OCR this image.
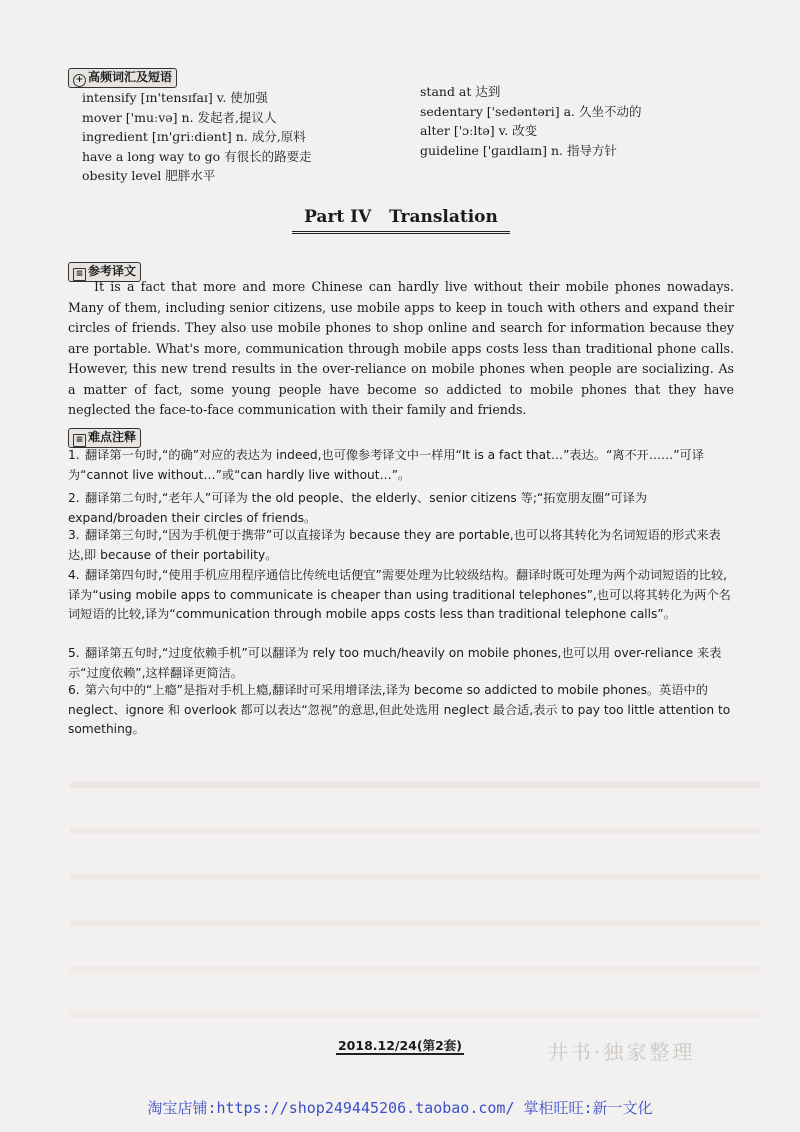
+ 高频词汇及短语
intensify [ɪn'tensɪfaɪ] v. 使加强
mover ['muːvə] n. 发起者,提议人
ingredient [ɪn'ɡriːdiənt] n. 成分,原料
have a long way to go 有很长的路要走
obesity level 肥胖水平
stand at 达到
sedentary ['sedəntəri] a. 久坐不动的
alter ['ɔːltə] v. 改变
guideline ['ɡaɪdlaɪn] n. 指导方针
Part IV   Translation
≡ 参考译文
It is a fact that more and more Chinese can hardly live without their mobile phones nowadays. Many of them, including senior citizens, use mobile apps to keep in touch with others and expand their circles of friends. They also use mobile phones to shop online and search for information because they are portable. What's more, communication through mobile apps costs less than traditional phone calls. However, this new trend results in the over-reliance on mobile phones when people are socializing. As a matter of fact, some young people have become so addicted to mobile phones that they have neglected the face-to-face communication with their family and friends.
≡ 难点注释
1. 翻译第一句时,“的确”对应的表达为 indeed,也可像参考译文中一样用“It is a fact that…”表达。“离不开……”可译为“cannot live without…”或“can hardly live without…”。
2. 翻译第二句时,“老年人”可译为 the old people、the elderly、senior citizens 等;“拓宽朋友圈”可译为 expand/broaden their circles of friends。
3. 翻译第三句时,“因为手机便于携带”可以直接译为 because they are portable,也可以将其转化为名词短语的形式来表达,即 because of their portability。
4. 翻译第四句时,“使用手机应用程序通信比传统电话便宜”需要处理为比较级结构。翻译时既可处理为两个动词短语的比较,译为“using mobile apps to communicate is cheaper than using traditional telephones”,也可以将其转化为两个名词短语的比较,译为“communication through mobile apps costs less than traditional telephone calls”。
5. 翻译第五句时,“过度依赖手机”可以翻译为 rely too much/heavily on mobile phones,也可以用 over-reliance 来表示“过度依赖”,这样翻译更简洁。
6. 第六句中的“上瘾”是指对手机上瘾,翻译时可采用增译法,译为 become so addicted to mobile phones。英语中的 neglect、ignore 和 overlook 都可以表达“忽视”的意思,但此处选用 neglect 最合适,表示 to pay too little attention to something。
2018.12/24(第2套)	井书·独家整理
淘宝店铺:https://shop249445206.taobao.com/ 掌柜旺旺:新一文化
